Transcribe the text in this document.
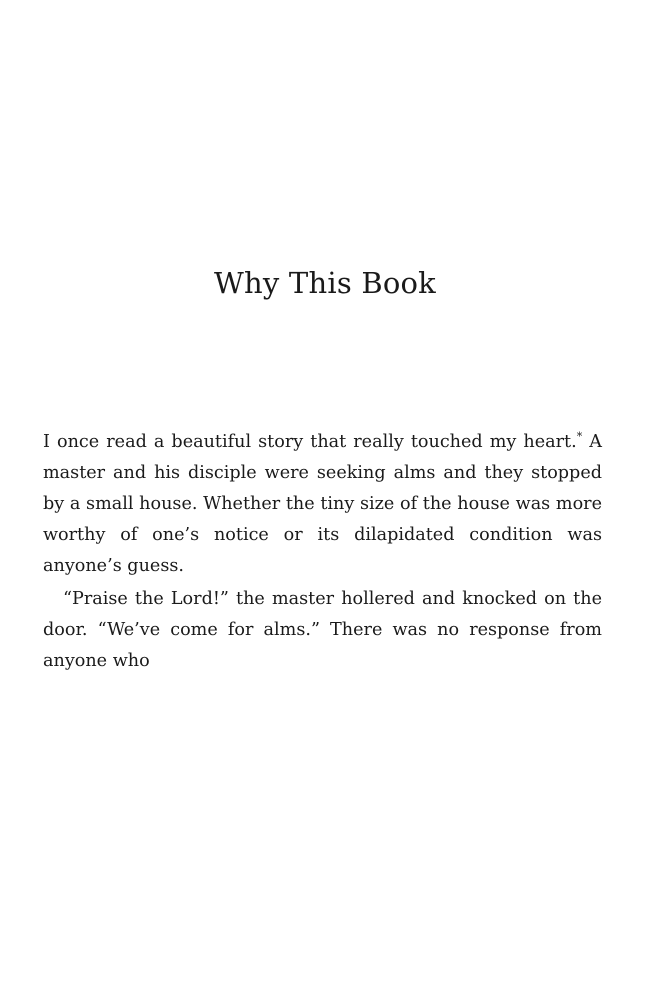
Why This Book

I once read a beautiful story that really touched my heart.* A master and his disciple were seeking alms and they stopped by a small house. Whether the tiny size of the house was more worthy of one’s notice or its dilapidated condition was anyone’s guess.

“Praise the Lord!” the master hollered and knocked on the door. “We’ve come for alms.” There was no response from anyone who
